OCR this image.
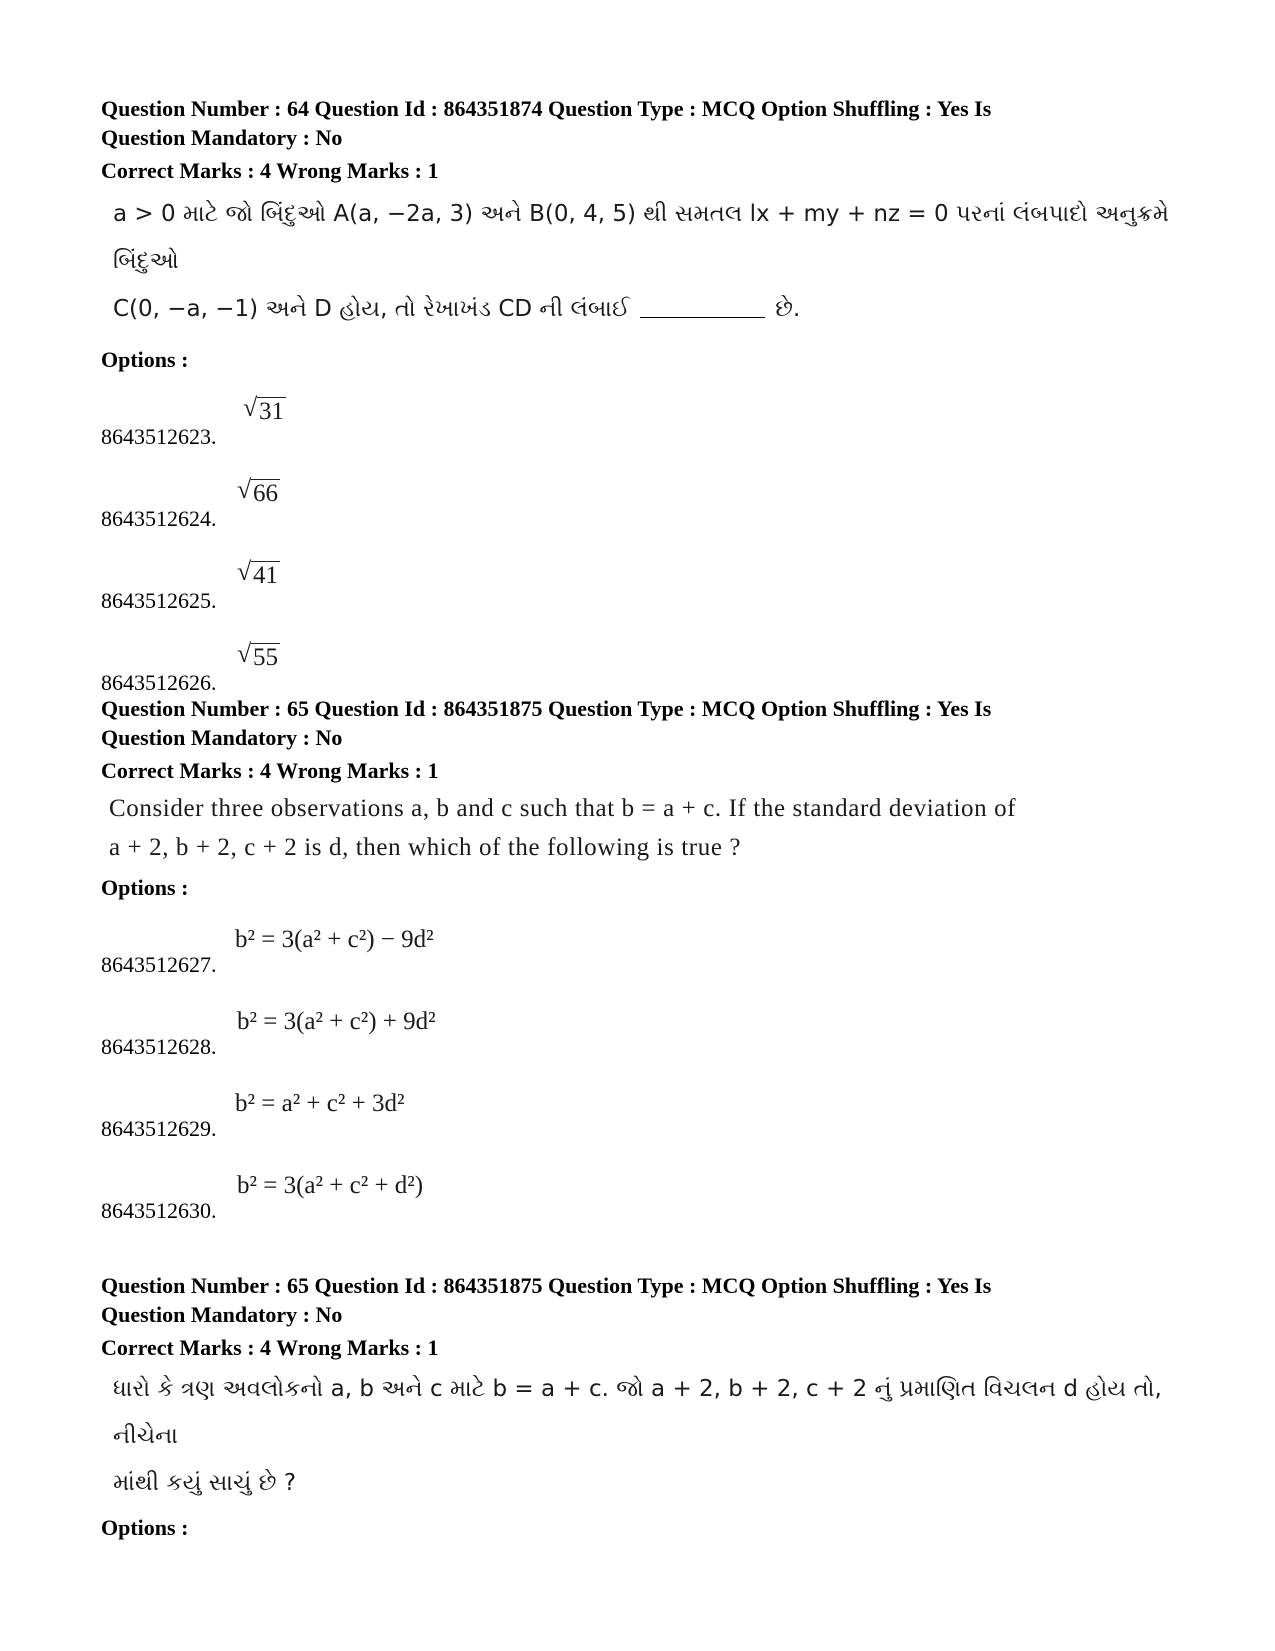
Question Number : 64 Question Id : 864351874 Question Type : MCQ Option Shuffling : Yes Is

Question Mandatory : No

Correct Marks : 4 Wrong Marks : 1

a > 0 માટે જો બિંદુઓ A(a, −2a, 3) અને B(0, 4, 5) થી સમતલ lx + my + nz = 0 પરનાં લંબપાદો અનુક્રમે બિંદુઓ
C(0, −a, −1) અને D હોય, તો રેખાખંડ CD ની લંબાઈ	છે.

Options :

8643512623.
√ 31
8643512624.
√ 66
8643512625.
√ 41
8643512626.
√ 55

Question Number : 65 Question Id : 864351875 Question Type : MCQ Option Shuffling : Yes Is

Question Mandatory : No

Correct Marks : 4 Wrong Marks : 1

Consider three observations a, b and c such that b = a + c. If the standard deviation of
a + 2, b + 2, c + 2 is d, then which of the following is true ?

Options :

8643512627.
b² = 3(a² + c²) − 9d²
8643512628.
b² = 3(a² + c²) + 9d²
8643512629.
b² = a² + c² + 3d²
8643512630.
b² = 3(a² + c² + d²)

Question Number : 65 Question Id : 864351875 Question Type : MCQ Option Shuffling : Yes Is

Question Mandatory : No

Correct Marks : 4 Wrong Marks : 1

ધારો કે ત્રણ અવલોકનો a, b અને c માટે b = a + c. જો a + 2, b + 2, c + 2 નું પ્રમાણિત વિચલન d હોય તો, નીચેના
માંથી કયું સાચું છે ?

Options :
